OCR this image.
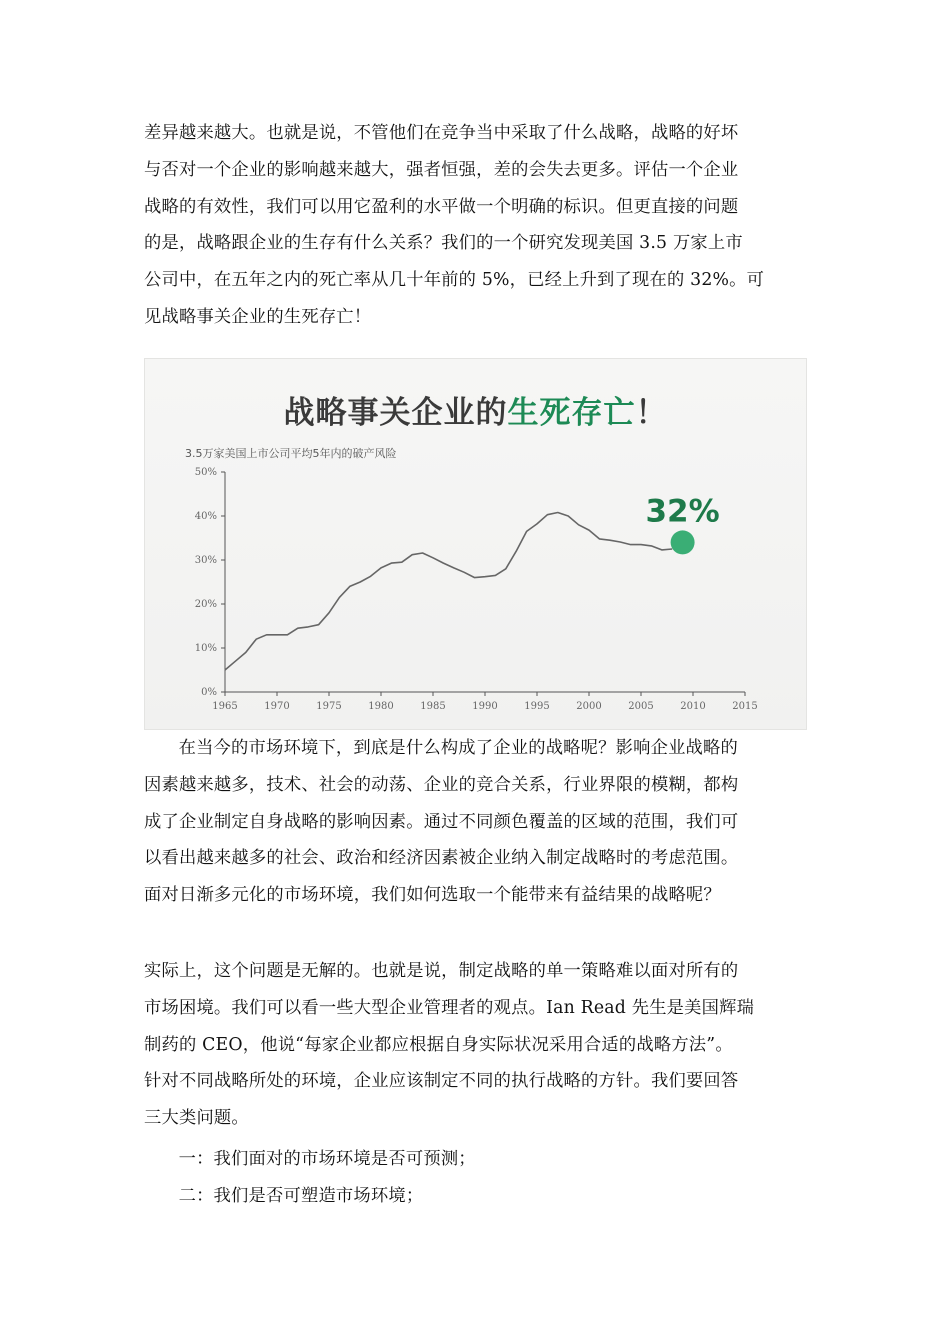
差异越来越大。也就是说，不管他们在竞争当中采取了什么战略，战略的好坏
与否对一个企业的影响越来越大，强者恒强，差的会失去更多。评估一个企业
战略的有效性，我们可以用它盈利的水平做一个明确的标识。但更直接的问题
的是，战略跟企业的生存有什么关系？我们的一个研究发现美国 3.5 万家上市
公司中，在五年之内的死亡率从几十年前的 5%，已经上升到了现在的 32%。可
见战略事关企业的生死存亡！

战略事关企业的生死存亡！
3.5万家美国上市公司平均5年内的破产风险
0%
10%
20%
30%
40%
50%
1965	1970	1975	1980	1985	1990	1995	2000	2005	2010	2015
32%

在当今的市场环境下，到底是什么构成了企业的战略呢？影响企业战略的
因素越来越多，技术、社会的动荡、企业的竞合关系，行业界限的模糊，都构
成了企业制定自身战略的影响因素。通过不同颜色覆盖的区域的范围，我们可
以看出越来越多的社会、政治和经济因素被企业纳入制定战略时的考虑范围。
面对日渐多元化的市场环境，我们如何选取一个能带来有益结果的战略呢？

实际上，这个问题是无解的。也就是说，制定战略的单一策略难以面对所有的
市场困境。我们可以看一些大型企业管理者的观点。Ian Read 先生是美国辉瑞
制药的 CEO，他说“每家企业都应根据自身实际状况采用合适的战略方法”。
针对不同战略所处的环境，企业应该制定不同的执行战略的方针。我们要回答
三大类问题。

一：我们面对的市场环境是否可预测；
二：我们是否可塑造市场环境；
